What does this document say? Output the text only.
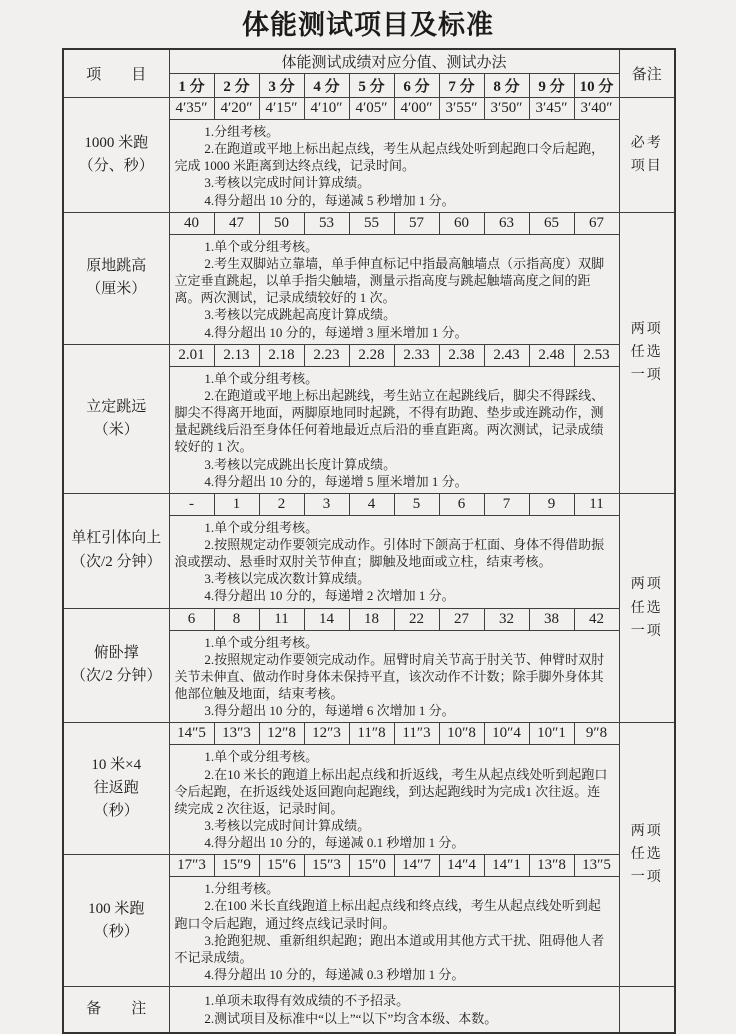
体能测试项目及标准
项　　目	体能测试成绩对应分值、测试办法										备注
	1 分	2 分	3 分	4 分	5 分	6 分	7 分	8 分	9 分	10 分	
1000 米跑
（分、秒）	4′35″	4′20″	4′15″	4′10″	4′05″	4′00″	3′55″	3′50″	3′45″	3′40″	必考
项目

	1.分组考核。

2.在跑道或平地上标出起点线，考生从起点线处听到起跑口令后起跑，完成 1000 米距离到达终点线，记录时间。

3.考核以完成时间计算成绩。

4.得分超出 10 分的，每递减 5 秒增加 1 分。										

原地跳高
（厘米）	40	47	50	53	55	57	60	63	65	67	两项
任选
一项

	1.单个或分组考核。

2.考生双脚站立靠墙，单手伸直标记中指最高触墙点（示指高度）双脚立定垂直跳起，以单手指尖触墙，测量示指高度与跳起触墙高度之间的距离。两次测试，记录成绩较好的 1 次。

3.考核以完成跳起高度计算成绩。

4.得分超出 10 分的，每递增 3 厘米增加 1 分。										

立定跳远
（米）	2.01	2.13	2.18	2.23	2.28	2.33	2.38	2.43	2.48	2.53	

	1.单个或分组考核。

2.在跑道或平地上标出起跳线，考生站立在起跳线后，脚尖不得踩线、脚尖不得离开地面，两脚原地同时起跳，不得有助跑、垫步或连跳动作，测量起跳线后沿至身体任何着地最近点后沿的垂直距离。两次测试，记录成绩较好的 1 次。

3.考核以完成跳出长度计算成绩。

4.得分超出 10 分的，每递增 5 厘米增加 1 分。										

单杠引体向上
（次/2 分钟）	-	1	2	3	4	5	6	7	9	11	两项
任选
一项

	1.单个或分组考核。

2.按照规定动作要领完成动作。引体时下颌高于杠面、身体不得借助振浪或摆动、悬垂时双肘关节伸直；脚触及地面或立柱，结束考核。

3.考核以完成次数计算成绩。

4.得分超出 10 分的，每递增 2 次增加 1 分。										

俯卧撑
（次/2 分钟）	6	8	11	14	18	22	27	32	38	42	

	1.单个或分组考核。

2.按照规定动作要领完成动作。屈臂时肩关节高于肘关节、伸臂时双肘关节未伸直、做动作时身体未保持平直，该次动作不计数；除手脚外身体其他部位触及地面，结束考核。

3.得分超出 10 分的，每递增 6 次增加 1 分。										

10 米×4
往返跑
（秒）	14″5	13″3	12″8	12″3	11″8	11″3	10″8	10″4	10″1	9″8	两项
任选
一项

	1.单个或分组考核。

2.在10 米长的跑道上标出起点线和折返线，考生从起点线处听到起跑口令后起跑，在折返线处返回跑向起跑线，到达起跑线时为完成1 次往返。连续完成 2 次往返，记录时间。

3.考核以完成时间计算成绩。

4.得分超出 10 分的，每递减 0.1 秒增加 1 分。										

100 米跑
（秒）	17″3	15″9	15″6	15″3	15″0	14″7	14″4	14″1	13″8	13″5	

	1.分组考核。

2.在100 米长直线跑道上标出起点线和终点线，考生从起点线处听到起跑口令后起跑，通过终点线记录时间。

3.抢跑犯规、重新组织起跑；跑出本道或用其他方式干扰、阻碍他人者不记录成绩。

4.得分超出 10 分的，每递减 0.3 秒增加 1 分。										

备　　注	1.单项未取得有效成绩的不予招录。

2.测试项目及标准中“以上”“以下”均含本级、本数。										
